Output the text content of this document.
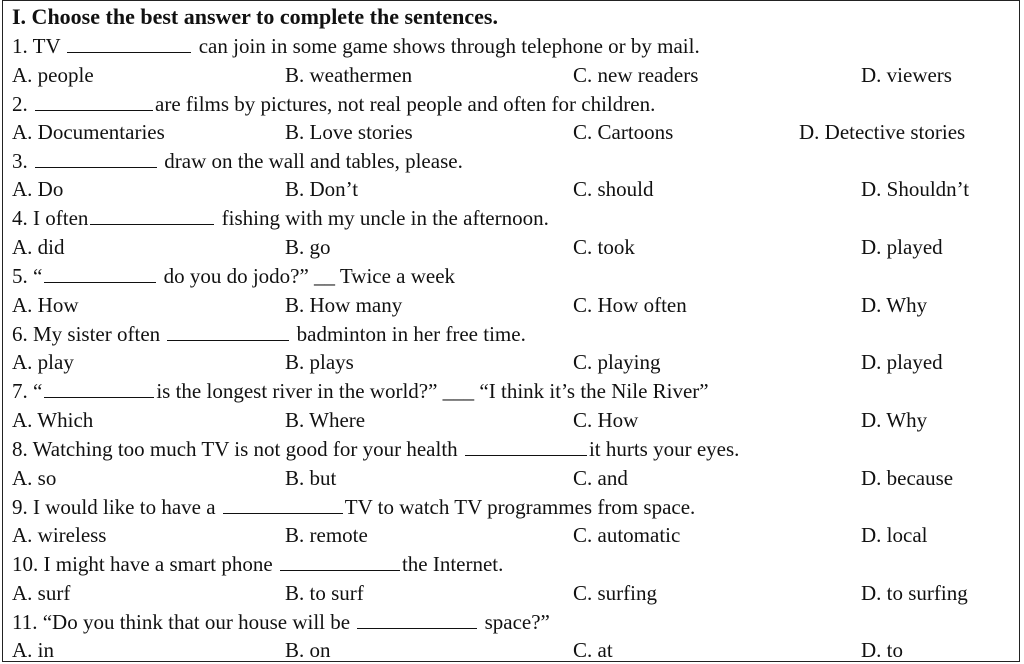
I. Choose the best answer to complete the sentences.
1. TV	can join in some game shows through telephone or by mail.
A. people	B. weathermen	C. new readers	D. viewers
2.	are films by pictures, not real people and often for children.
A. Documentaries	B. Love stories	C. Cartoons	D. Detective stories
3.	draw on the wall and tables, please.
A. Do	B. Don’t	C. should	D. Shouldn’t
4. I often	fishing with my uncle in the afternoon.
A. did	B. go	C. took	D. played
5. “	do you do jodo?” __ Twice a week
A. How	B. How many	C. How often	D. Why
6. My sister often	badminton in her free time.
A. play	B. plays	C. playing	D. played
7. “	is the longest river in the world?” ___ “I think it’s the Nile River”
A. Which	B. Where	C. How	D. Why
8. Watching too much TV is not good for your health	it hurts your eyes.
A. so	B. but	C. and	D. because
9. I would like to have a	TV to watch TV programmes from space.
A. wireless	B. remote	C. automatic	D. local
10. I might have a smart phone	the Internet.
A. surf	B. to surf	C. surfing	D. to surfing
11. “Do you think that our house will be	space?”
A. in	B. on	C. at	D. to
